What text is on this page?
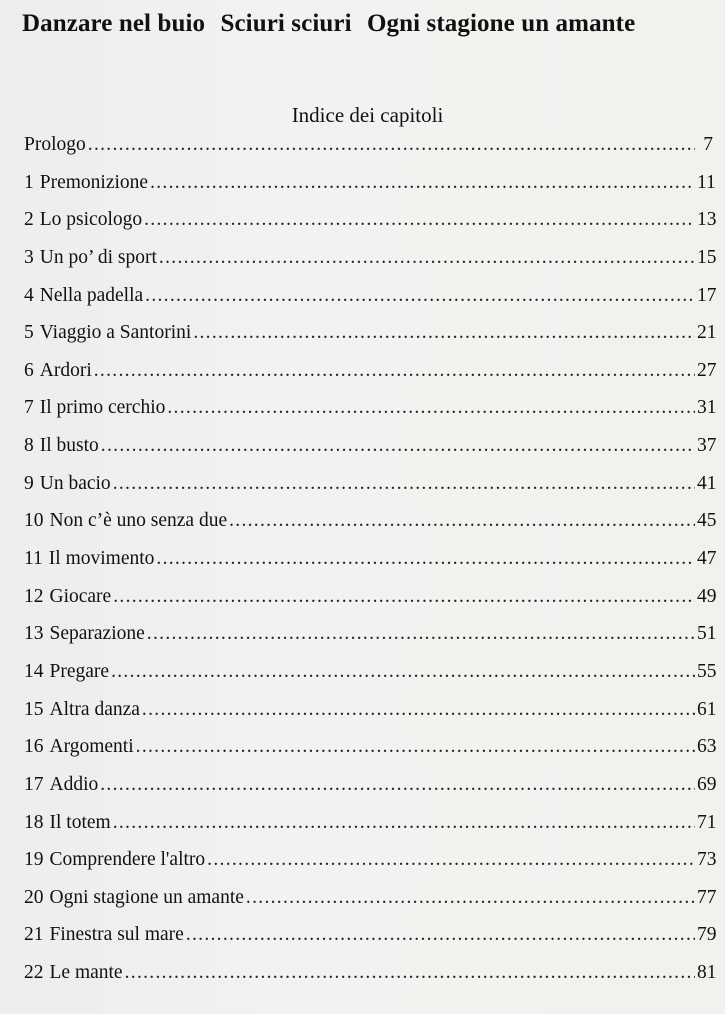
Danzare nel buio Sciuri sciuri Ogni stagione un amante
Indice dei capitoli
Prologo .....	7
1 Premonizione .....	11
2 Lo psicologo .....	13
3 Un po’ di sport .....	15
4 Nella padella .....	17
5 Viaggio a Santorini .....	21
6 Ardori .....	27
7 Il primo cerchio .....	31
8 Il busto .....	37
9 Un bacio .....	41
10 Non c’è uno senza due .....	45
11 Il movimento .....	47
12 Giocare .....	49
13 Separazione .....	51
14 Pregare .....	55
15 Altra danza .....	61
16 Argomenti .....	63
17 Addio .....	69
18 Il totem .....	71
19 Comprendere l'altro .....	73
20 Ogni stagione un amante .....	77
21 Finestra sul mare .....	79
22 Le mante .....	81
